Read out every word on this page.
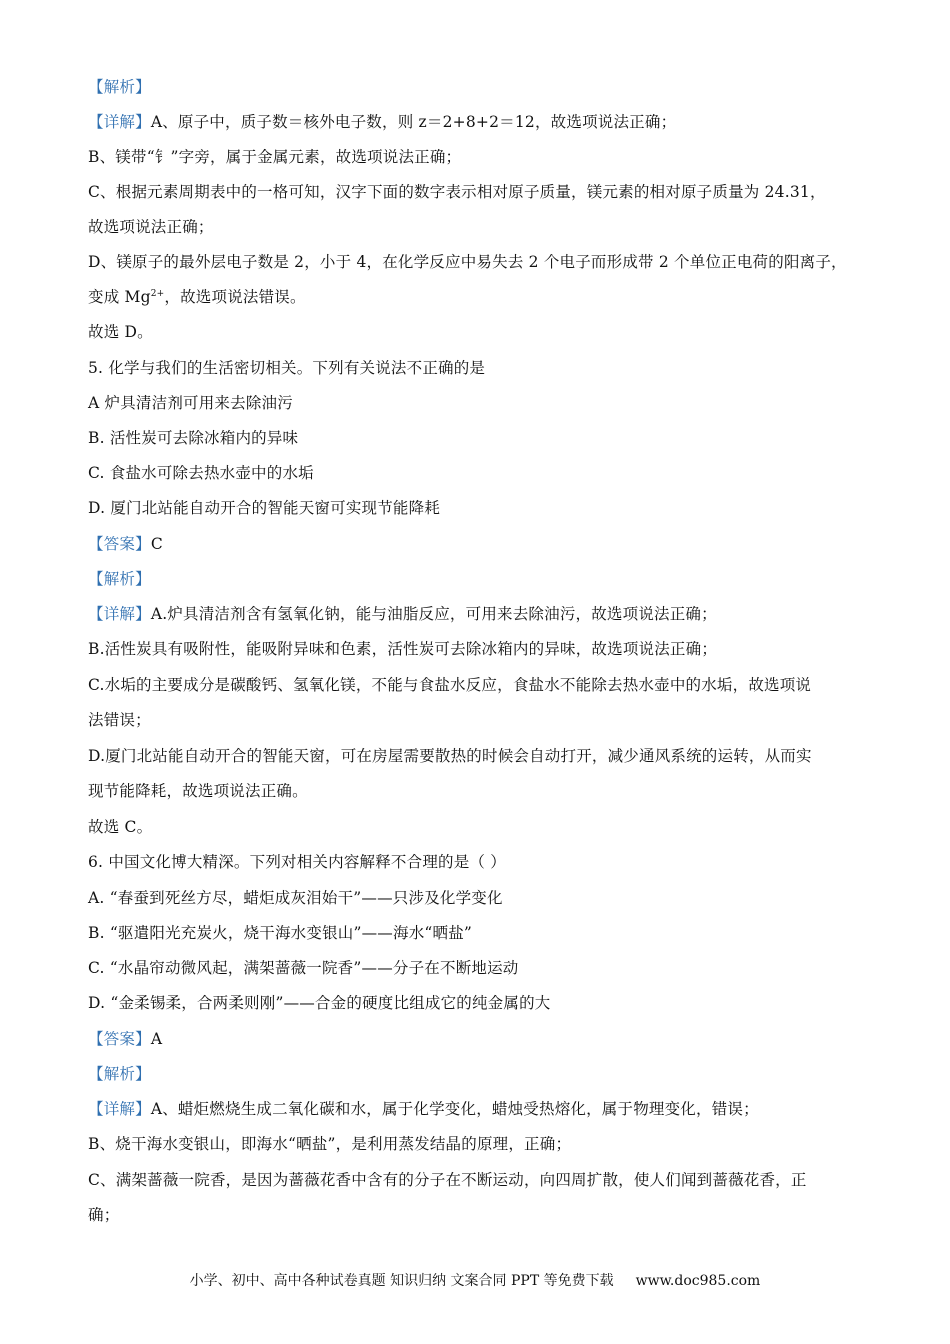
【解析】
【详解】A、原子中，质子数＝核外电子数，则 z＝2+8+2＝12，故选项说法正确；
B、镁带“钅”字旁，属于金属元素，故选项说法正确；
C、根据元素周期表中的一格可知，汉字下面的数字表示相对原子质量，镁元素的相对原子质量为 24.31，
故选项说法正确；
D、镁原子的最外层电子数是 2，小于 4，在化学反应中易失去 2 个电子而形成带 2 个单位正电荷的阳离子，
变成 $Mg^{2+}$，故选项说法错误。
故选 D。
5. 化学与我们的生活密切相关。下列有关说法不正确的是
A 炉具清洁剂可用来去除油污
B. 活性炭可去除冰箱内的异味
C. 食盐水可除去热水壶中的水垢
D. 厦门北站能自动开合的智能天窗可实现节能降耗
【答案】C
【解析】
【详解】A.炉具清洁剂含有氢氧化钠，能与油脂反应，可用来去除油污，故选项说法正确；
B.活性炭具有吸附性，能吸附异味和色素，活性炭可去除冰箱内的异味，故选项说法正确；
C.水垢的主要成分是碳酸钙、氢氧化镁，不能与食盐水反应，食盐水不能除去热水壶中的水垢，故选项说
法错误；
D.厦门北站能自动开合的智能天窗，可在房屋需要散热的时候会自动打开，减少通风系统的运转，从而实
现节能降耗，故选项说法正确。
故选 C。
6. 中国文化博大精深。下列对相关内容解释不合理的是（ ）
A. “春蚕到死丝方尽，蜡炬成灰泪始干”——只涉及化学变化
B. “驱遣阳光充炭火，烧干海水变银山”——海水“晒盐”
C. “水晶帘动微风起，满架蔷薇一院香”——分子在不断地运动
D. “金柔锡柔，合两柔则刚”——合金的硬度比组成它的纯金属的大
【答案】A
【解析】
【详解】A、蜡炬燃烧生成二氧化碳和水，属于化学变化，蜡烛受热熔化，属于物理变化，错误；
B、烧干海水变银山，即海水“晒盐”，是利用蒸发结晶的原理，正确；
C、满架蔷薇一院香，是因为蔷薇花香中含有的分子在不断运动，向四周扩散，使人们闻到蔷薇花香，正
确；
小学、初中、高中各种试卷真题 知识归纳 文案合同 PPT 等免费下载 www.doc985.com
